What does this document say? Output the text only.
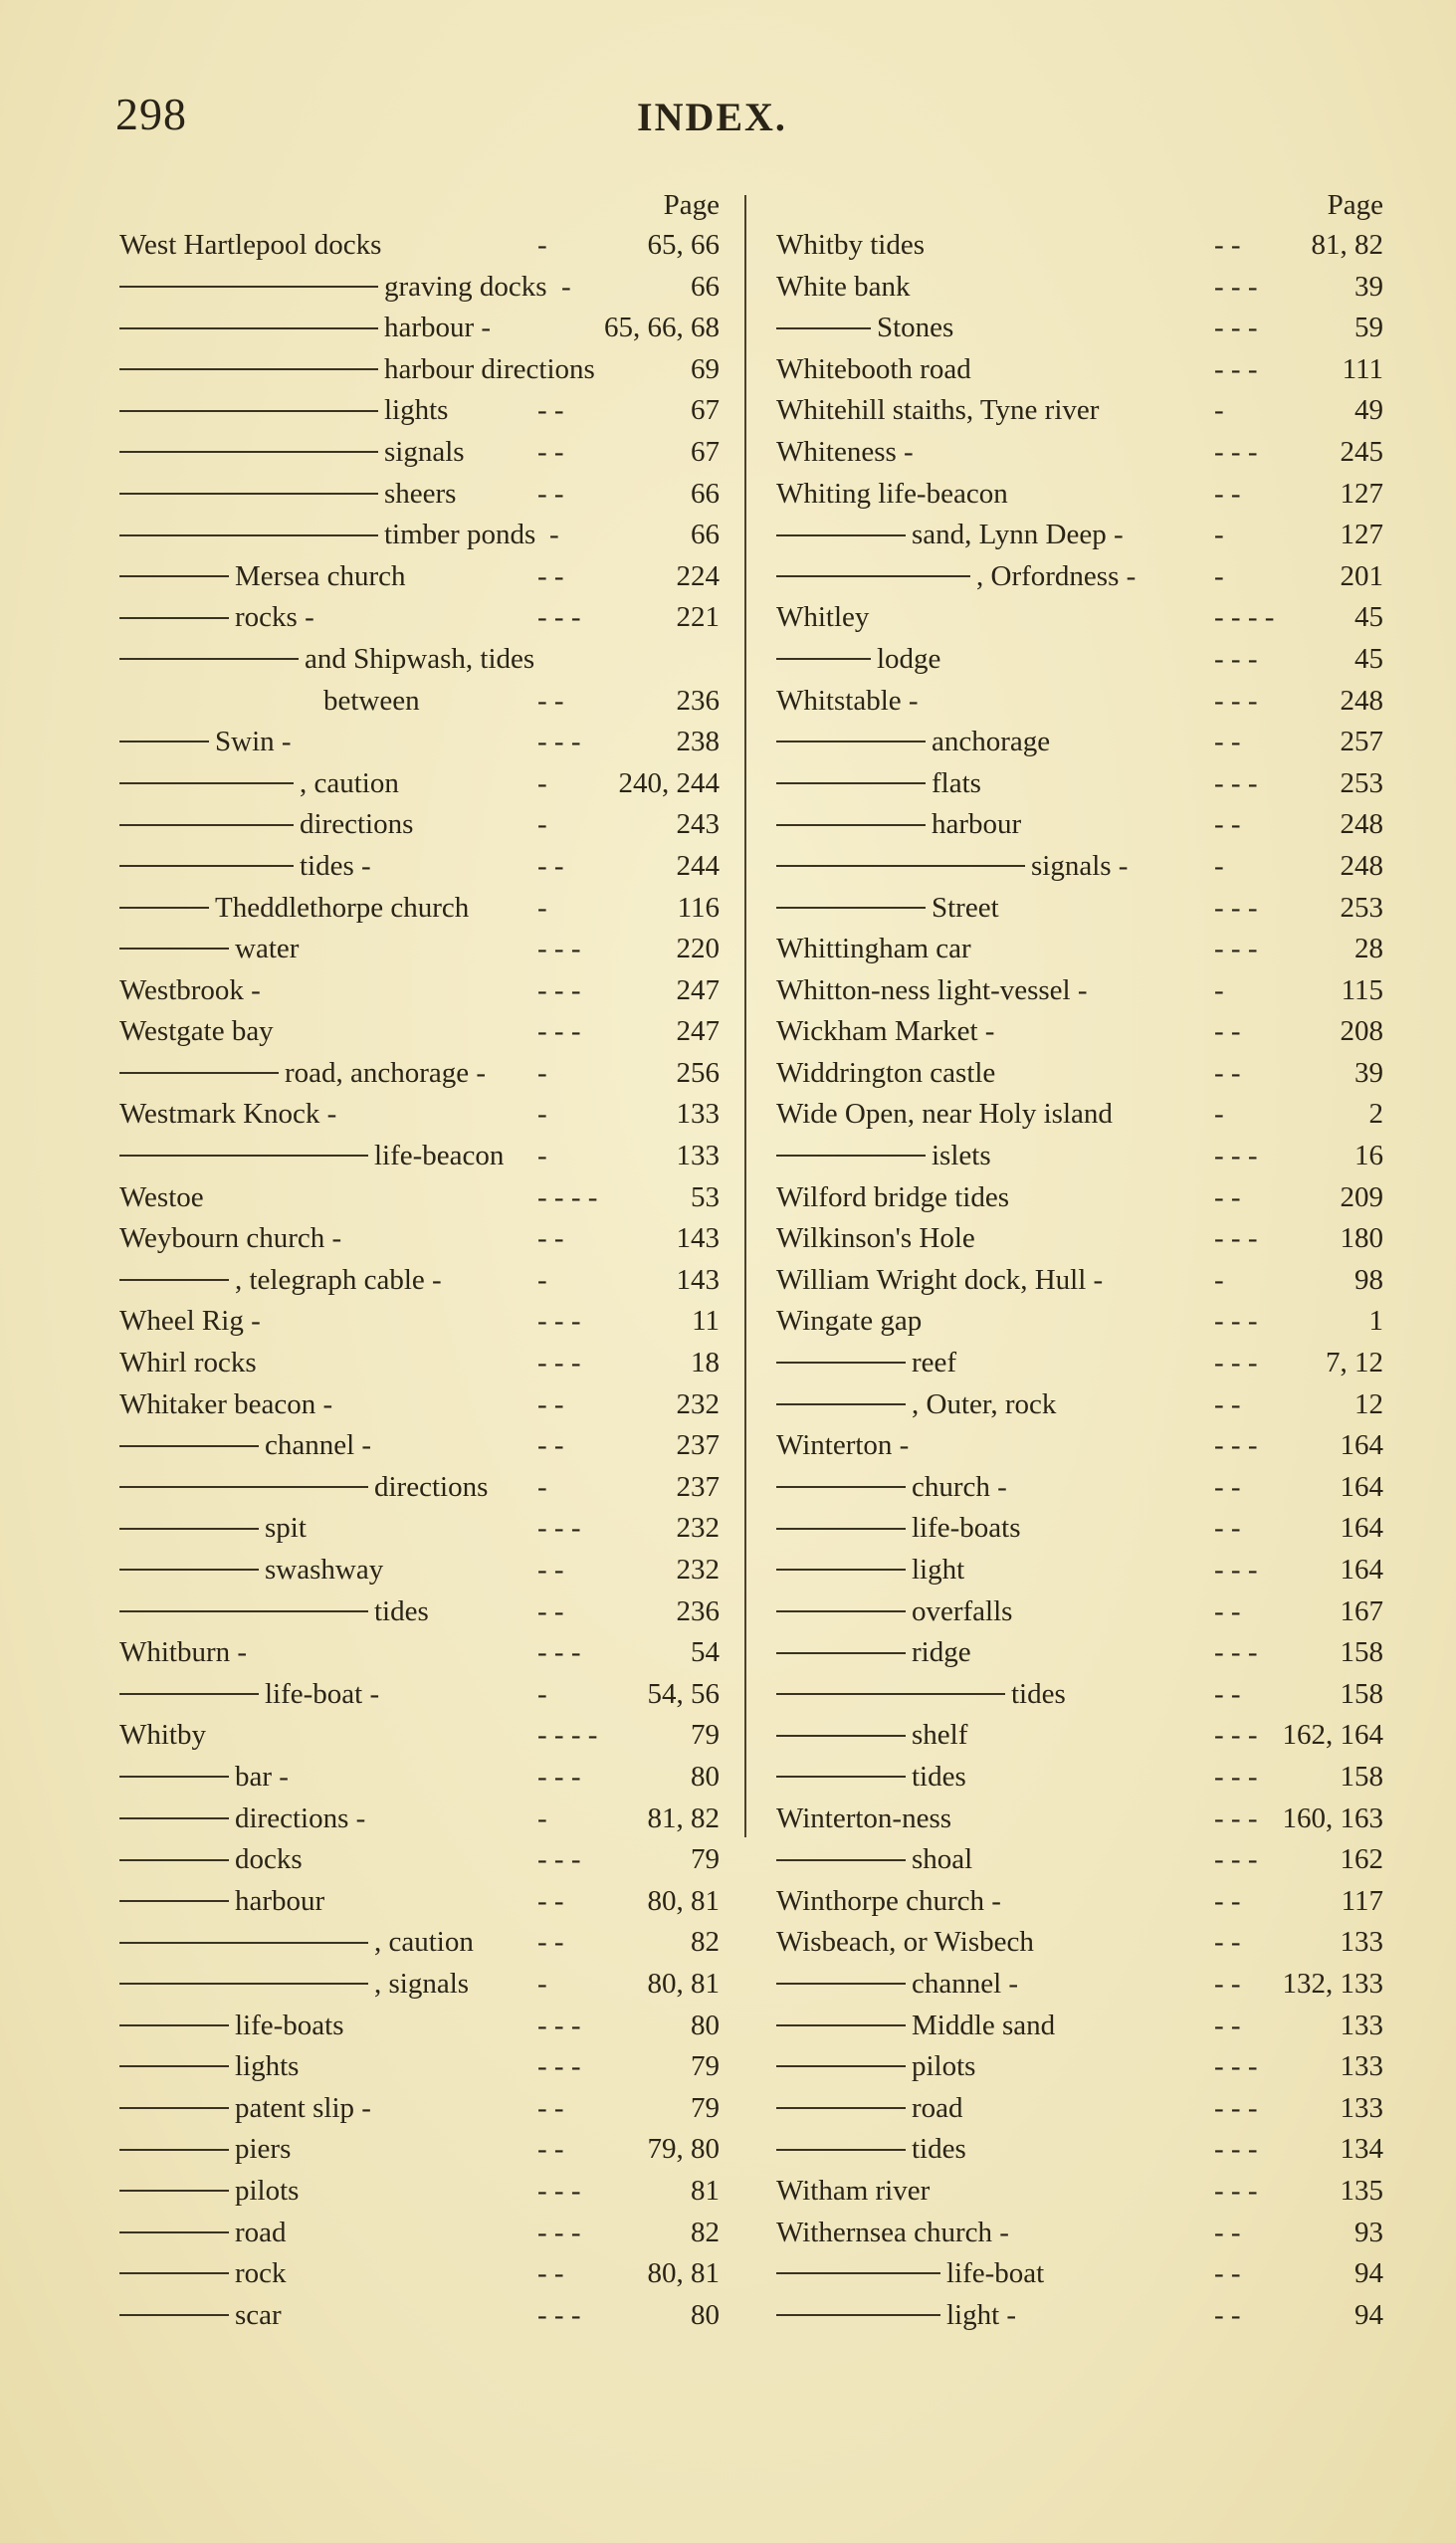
298	INDEX.
Page
West Hartlepool docks	-	65, 66
graving docks -	66
harbour -	65, 66, 68
harbour directions	69
lights	- -	67
signals	- -	67
sheers	- -	66
timber ponds -	66
Mersea church	- -	224
rocks -	- - -	221
and Shipwash, tides
between	- -	236
Swin -	- - -	238
, caution	- 240, 244
directions	-	243
tides -	- -	244
Theddlethorpe church -	116
water	- - -	220
Westbrook -	- - -	247
Westgate bay	- - -	247
road, anchorage - -	256
Westmark Knock -	-	133
life-beacon -	133
Westoe	- - - -	53
Weybourn church -	- -	143
, telegraph cable -	-	143
Wheel Rig -	- - -	11
Whirl rocks	- - -	18
Whitaker beacon -	- -	232
channel -	- -	237
directions -	237
spit	- - -	232
swashway	- -	232
tides	- -	236
Whitburn -	- - -	54
life-boat -	-	54, 56
Whitby	- - - -	79
bar -	- - -	80
directions -	-	81, 82
docks	- - -	79
harbour	- -	80, 81
, caution - -	82
, signals -	80, 81
life-boats	- - -	80
lights	- - -	79
patent slip -	- -	79
piers	- -	79, 80
pilots	- - -	81
road	- - -	82
rock	- -	80, 81
scar	- - -	80
Page
Whitby tides	- - 81, 82
White bank	- - -	39
Stones	- - -	59
Whitebooth road	- - -	111
Whitehill staiths, Tyne river	-	49
Whiteness -	- - -	245
Whiting life-beacon	- -	127
sand, Lynn Deep -	-	127
, Orfordness -	-	201
Whitley	- - - -	45
lodge	- - -	45
Whitstable -	- - -	248
anchorage	- -	257
flats	- - -	253
harbour	- -	248
signals -	-	248
Street	- - -	253
Whittingham car	- - -	28
Whitton-ness light-vessel -	-	115
Wickham Market -	- -	208
Widdrington castle	- -	39
Wide Open, near Holy island	-	2
islets	- - -	16
Wilford bridge tides	- -	209
Wilkinson's Hole	- - -	180
William Wright dock, Hull -	-	98
Wingate gap	- - -	1
reef	- - - 7, 12
, Outer, rock	- -	12
Winterton -	- - -	164
church -	- -	164
life-boats	- -	164
light	- - -	164
overfalls	- -	167
ridge	- - -	158
tides	- -	158
shelf	- - - 162, 164
tides	- - -	158
Winterton-ness	- - - 160, 163
shoal	- - -	162
Winthorpe church -	- -	117
Wisbeach, or Wisbech	- -	133
channel -	- - 132, 133
Middle sand	- -	133
pilots	- - -	133
road	- - -	133
tides	- - -	134
Witham river	- - -	135
Withernsea church -	- -	93
life-boat	- -	94
light -	- -	94
